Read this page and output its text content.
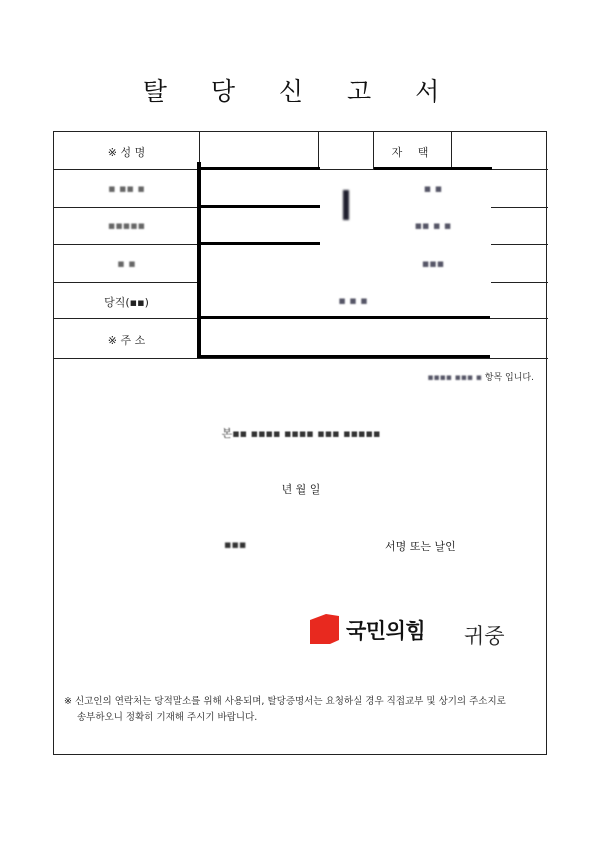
탈 당 신 고 서
※ 성 명
▪ ▪▪ ▪
▪▪▪▪▪
▪ ▪
당직(▪▪)
※ 주 소
자 택
▪ ▪
▪▪ ▪ ▪
▪▪▪
▪ ▪ ▪
▪▪▪▪ ▪▪▪ ▪ 항목 입니다.
본▪▪ ▪▪▪▪ ▪▪▪▪ ▪▪▪ ▪▪▪▪▪
년 월 일
▪▪▪	서명 또는 날인
국민의힘 귀중
※ 신고인의 연락처는 당적말소를 위해 사용되며, 탈당증명서는 요청하실 경우 직접교부 및 상기의 주소지로
송부하오니 정확히 기재해 주시기 바랍니다.
